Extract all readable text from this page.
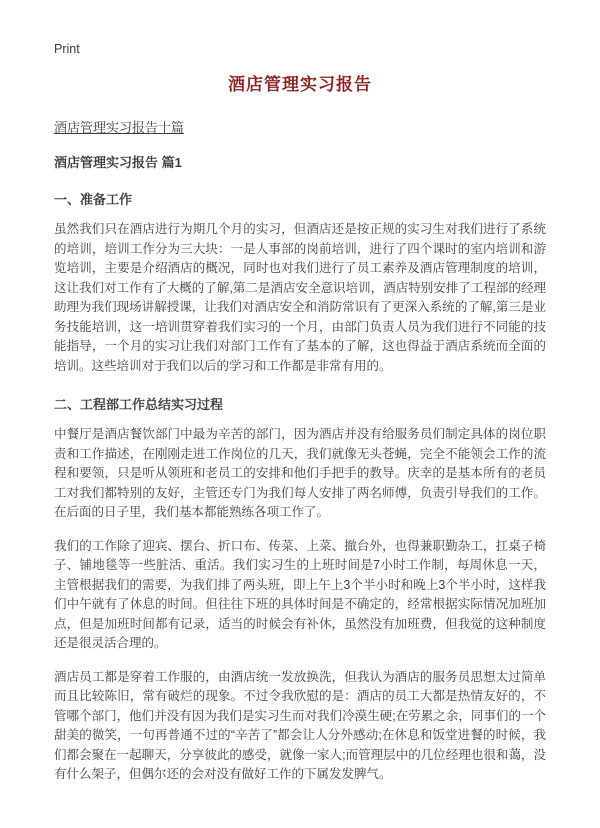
Print
酒店管理实习报告
酒店管理实习报告十篇
酒店管理实习报告 篇1
一、准备工作

虽然我们只在酒店进行为期几个月的实习，但酒店还是按正规的实习生对我们进行了系统的培训，培训工作分为三大块：一是人事部的岗前培训，进行了四个课时的室内培训和游览培训，主要是介绍酒店的概况，同时也对我们进行了员工素养及酒店管理制度的培训，这让我们对工作有了大概的了解,第二是酒店安全意识培训，酒店特别安排了工程部的经理助理为我们现场讲解授课，让我们对酒店安全和消防常识有了更深入系统的了解,第三是业务技能培训，这一培训贯穿着我们实习的一个月，由部门负责人员为我们进行不同能的技能指导，一个月的实习让我们对部门工作有了基本的了解，这也得益于酒店系统而全面的培训。这些培训对于我们以后的学习和工作都是非常有用的。

二、工程部工作总结实习过程

中餐厅是酒店餐饮部门中最为辛苦的部门，因为酒店并没有给服务员们制定具体的岗位职责和工作描述，在刚刚走进工作岗位的几天，我们就像无头苍蝇，完全不能领会工作的流程和要领，只是听从领班和老员工的安排和他们手把手的教导。庆幸的是基本所有的老员工对我们都特别的友好，主管还专门为我们每人安排了两名师傅，负责引导我们的工作。在后面的日子里，我们基本都能熟练各项工作了。

我们的工作除了迎宾、摆台、折口布、传菜、上菜、撤台外，也得兼职勤杂工，扛桌子椅子、铺地毯等一些脏活、重活。我们实习生的上班时间是7小时工作制，每周休息一天，主管根据我们的需要，为我们排了两头班，即上午上3个半小时和晚上3个半小时，这样我们中午就有了休息的时间。但往往下班的具体时间是不确定的，经常根据实际情况加班加点，但是加班时间都有记录，适当的时候会有补休，虽然没有加班费，但我觉的这种制度还是很灵活合理的。

酒店员工都是穿着工作服的，由酒店统一发放换洗，但我认为酒店的服务员思想太过简单而且比较陈旧，常有破烂的现象。不过令我欣慰的是：酒店的员工大都是热情友好的，不管哪个部门，他们并没有因为我们是实习生而对我们冷漠生硬;在劳累之余，同事们的一个甜美的微笑，一句再普通不过的“辛苦了”都会让人分外感动;在休息和饭堂进餐的时候，我们都会聚在一起聊天，分享彼此的感受，就像一家人;而管理层中的几位经理也很和蔼，没有什么架子，但偶尔还的会对没有做好工作的下属发发脾气。
